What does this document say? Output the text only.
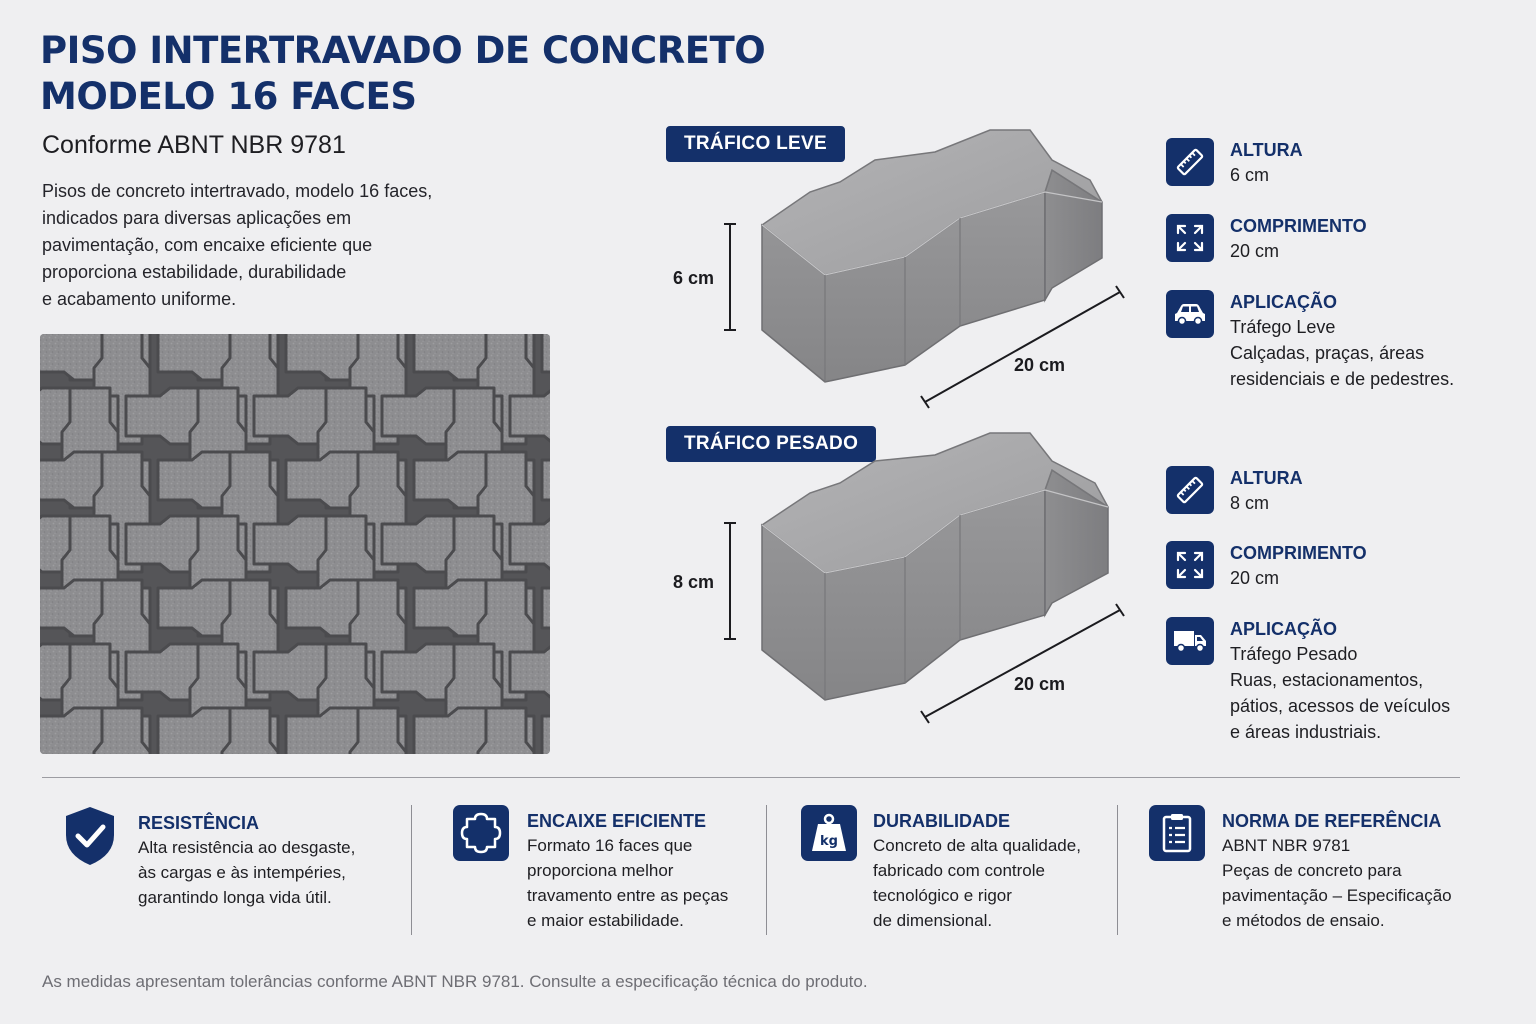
PISO INTERTRAVADO DE CONCRETO
MODELO 16 FACES
Conforme ABNT NBR 9781
Pisos de concreto intertravado, modelo 16 faces,
indicados para diversas aplicações em
pavimentação, com encaixe eficiente que
proporciona estabilidade, durabilidade
e acabamento uniforme.
TRÁFICO LEVE
6 cm
20 cm
TRÁFICO PESADO
8 cm
20 cm
ALTURA
6 cm
COMPRIMENTO
20 cm
APLICAÇÃO
Tráfego Leve
Calçadas, praças, áreas
residenciais e de pedestres.
ALTURA
8 cm
COMPRIMENTO
20 cm
APLICAÇÃO
Tráfego Pesado
Ruas, estacionamentos,
pátios, acessos de veículos
e áreas industriais.
RESISTÊNCIA
Alta resistência ao desgaste,
às cargas e às intempéries,
garantindo longa vida útil.
ENCAIXE EFICIENTE
Formato 16 faces que
proporciona melhor
travamento entre as peças
e maior estabilidade.
kg
DURABILIDADE
Concreto de alta qualidade,
fabricado com controle
tecnológico e rigor
de dimensional.
NORMA DE REFERÊNCIA
ABNT NBR 9781
Peças de concreto para
pavimentação – Especificação
e métodos de ensaio.
As medidas apresentam tolerâncias conforme ABNT NBR 9781. Consulte a especificação técnica do produto.
